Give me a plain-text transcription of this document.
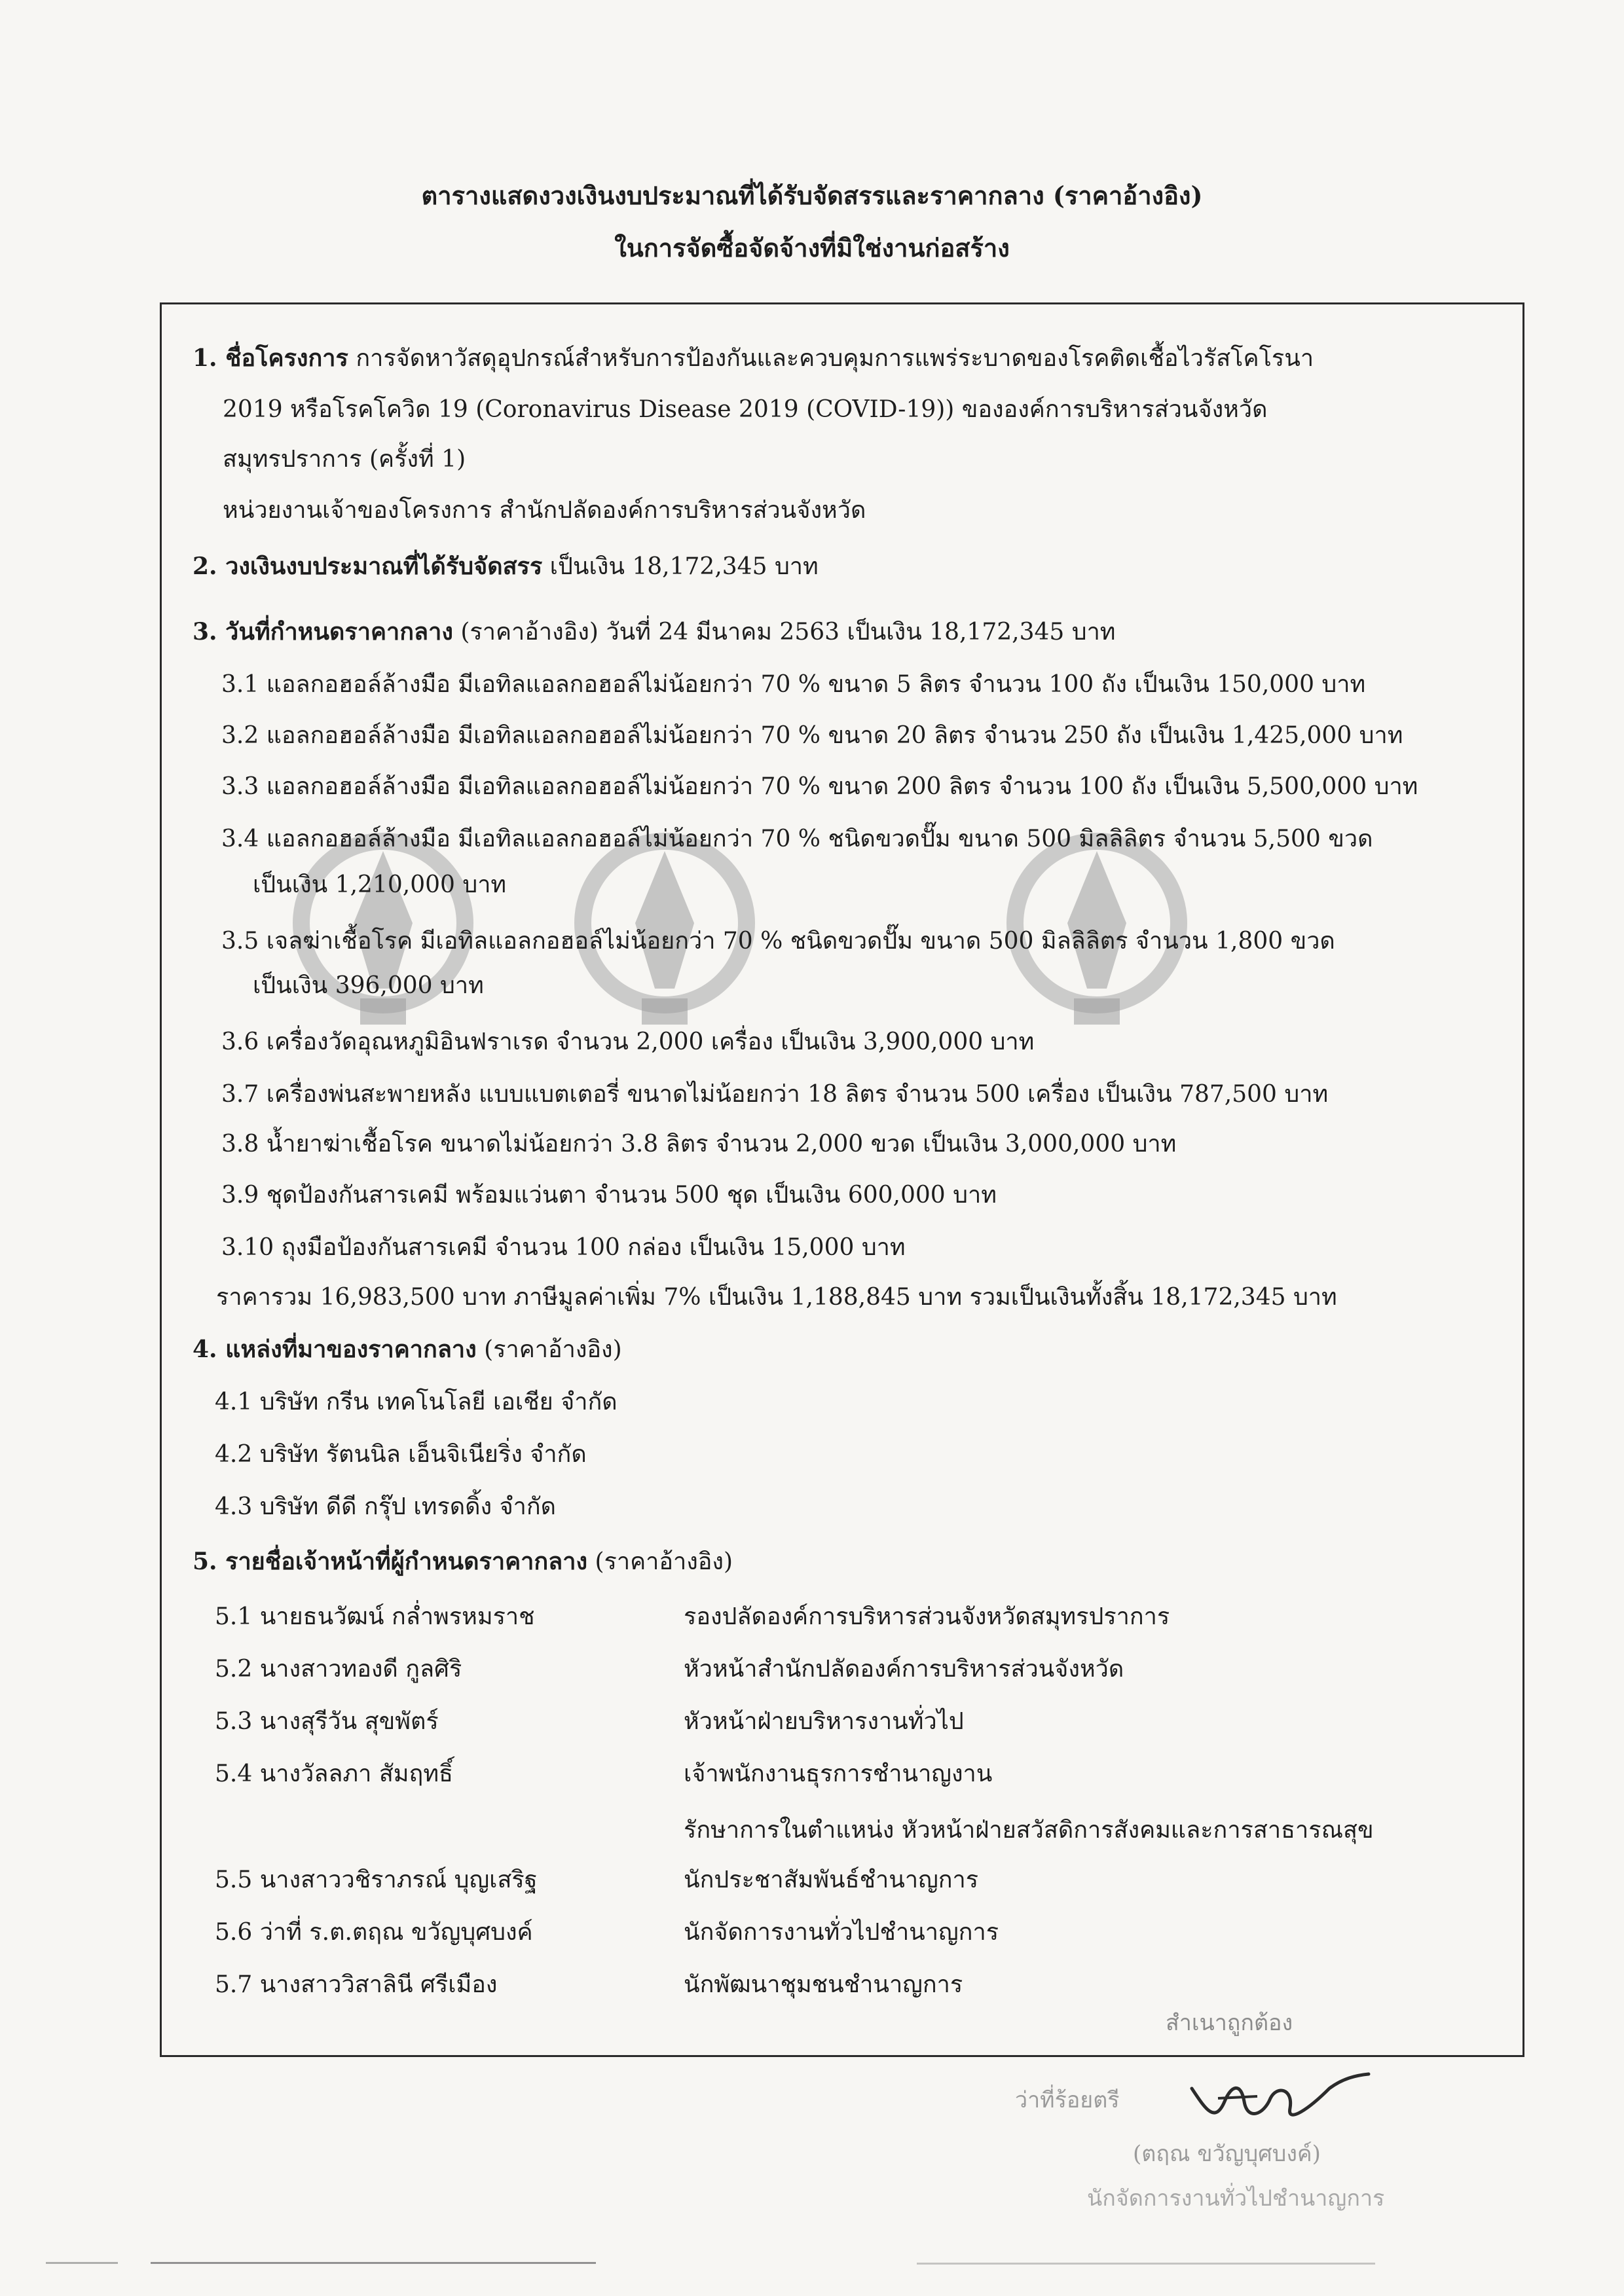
ตารางแสดงวงเงินงบประมาณที่ได้รับจัดสรรและราคากลาง (ราคาอ้างอิง)
ในการจัดซื้อจัดจ้างที่มิใช่งานก่อสร้าง
1. ชื่อโครงการ การจัดหาวัสดุอุปกรณ์สำหรับการป้องกันและควบคุมการแพร่ระบาดของโรคติดเชื้อไวรัสโคโรนา
2019 หรือโรคโควิด 19 (Coronavirus Disease 2019 (COVID-19)) ขององค์การบริหารส่วนจังหวัด
สมุทรปราการ (ครั้งที่ 1)
หน่วยงานเจ้าของโครงการ สำนักปลัดองค์การบริหารส่วนจังหวัด
2. วงเงินงบประมาณที่ได้รับจัดสรร เป็นเงิน 18,172,345 บาท
3. วันที่กำหนดราคากลาง (ราคาอ้างอิง) วันที่ 24 มีนาคม 2563 เป็นเงิน 18,172,345 บาท
3.1 แอลกอฮอล์ล้างมือ มีเอทิลแอลกอฮอล์ไม่น้อยกว่า 70 % ขนาด 5 ลิตร จำนวน 100 ถัง เป็นเงิน 150,000 บาท
3.2 แอลกอฮอล์ล้างมือ มีเอทิลแอลกอฮอล์ไม่น้อยกว่า 70 % ขนาด 20 ลิตร จำนวน 250 ถัง เป็นเงิน 1,425,000 บาท
3.3 แอลกอฮอล์ล้างมือ มีเอทิลแอลกอฮอล์ไม่น้อยกว่า 70 % ขนาด 200 ลิตร จำนวน 100 ถัง เป็นเงิน 5,500,000 บาท
3.4 แอลกอฮอล์ล้างมือ มีเอทิลแอลกอฮอล์ไม่น้อยกว่า 70 % ชนิดขวดปั๊ม ขนาด 500 มิลลิลิตร จำนวน 5,500 ขวด
เป็นเงิน 1,210,000 บาท
3.5 เจลฆ่าเชื้อโรค มีเอทิลแอลกอฮอล์ไม่น้อยกว่า 70 % ชนิดขวดปั๊ม ขนาด 500 มิลลิลิตร จำนวน 1,800 ขวด
เป็นเงิน 396,000 บาท
3.6 เครื่องวัดอุณหภูมิอินฟราเรด จำนวน 2,000 เครื่อง เป็นเงิน 3,900,000 บาท
3.7 เครื่องพ่นสะพายหลัง แบบแบตเตอรี่ ขนาดไม่น้อยกว่า 18 ลิตร จำนวน 500 เครื่อง เป็นเงิน 787,500 บาท
3.8 น้ำยาฆ่าเชื้อโรค ขนาดไม่น้อยกว่า 3.8 ลิตร จำนวน 2,000 ขวด เป็นเงิน 3,000,000 บาท
3.9 ชุดป้องกันสารเคมี พร้อมแว่นตา จำนวน 500 ชุด เป็นเงิน 600,000 บาท
3.10 ถุงมือป้องกันสารเคมี จำนวน 100 กล่อง เป็นเงิน 15,000 บาท
ราคารวม 16,983,500 บาท ภาษีมูลค่าเพิ่ม 7% เป็นเงิน 1,188,845 บาท รวมเป็นเงินทั้งสิ้น 18,172,345 บาท
4. แหล่งที่มาของราคากลาง (ราคาอ้างอิง)
4.1 บริษัท กรีน เทคโนโลยี เอเชีย จำกัด
4.2 บริษัท รัตนนิล เอ็นจิเนียริ่ง จำกัด
4.3 บริษัท ดีดี กรุ๊ป เทรดดิ้ง จำกัด
5. รายชื่อเจ้าหน้าที่ผู้กำหนดราคากลาง (ราคาอ้างอิง)
5.1 นายธนวัฒน์ กล่ำพรหมราช	รองปลัดองค์การบริหารส่วนจังหวัดสมุทรปราการ
5.2 นางสาวทองดี กูลศิริ	หัวหน้าสำนักปลัดองค์การบริหารส่วนจังหวัด
5.3 นางสุรีวัน สุขพัตร์	หัวหน้าฝ่ายบริหารงานทั่วไป
5.4 นางวัลลภา สัมฤทธิ์	เจ้าพนักงานธุรการชำนาญงาน
รักษาการในตำแหน่ง หัวหน้าฝ่ายสวัสดิการสังคมและการสาธารณสุข
5.5 นางสาววชิราภรณ์ บุญเสริฐ	นักประชาสัมพันธ์ชำนาญการ
5.6 ว่าที่ ร.ต.ตฤณ ขวัญบุศบงค์	นักจัดการงานทั่วไปชำนาญการ
5.7 นางสาววิสาลินี ศรีเมือง	นักพัฒนาชุมชนชำนาญการ
สำเนาถูกต้อง
ว่าที่ร้อยตรี
(ตฤณ ขวัญบุศบงค์)
นักจัดการงานทั่วไปชำนาญการ
